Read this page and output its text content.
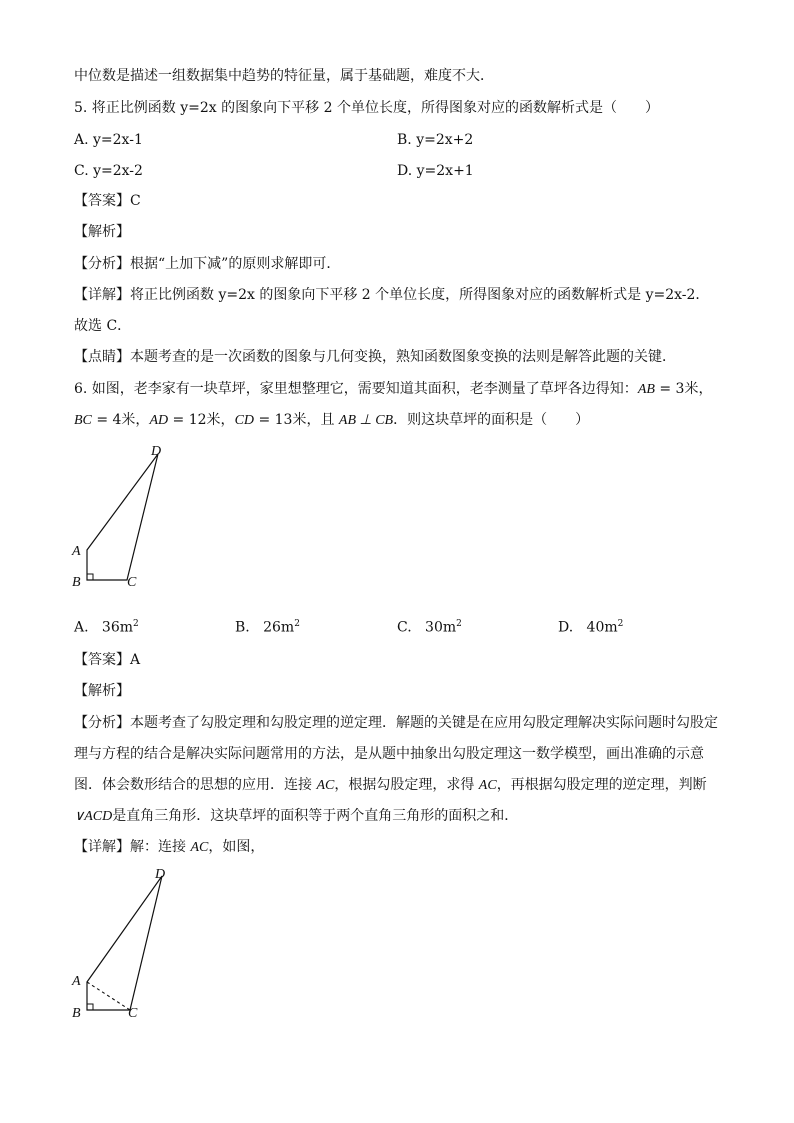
中位数是描述一组数据集中趋势的特征量，属于基础题，难度不大．
5. 将正比例函数 y=2x 的图象向下平移 2 个单位长度，所得图象对应的函数解析式是（　　）
A. y=2x-1	B. y=2x+2
C. y=2x-2	D. y=2x+1
【答案】C
【解析】
【分析】根据“上加下减”的原则求解即可．
【详解】将正比例函数 y=2x 的图象向下平移 2 个单位长度，所得图象对应的函数解析式是 y=2x-2．
故选 C．
【点睛】本题考查的是一次函数的图象与几何变换，熟知函数图象变换的法则是解答此题的关键．
6. 如图，老李家有一块草坪，家里想整理它，需要知道其面积，老李测量了草坪各边得知：AB = 3米，
BC = 4米，AD = 12米，CD = 13米，且 AB ⊥ CB．则这块草坪的面积是（　　）
D
A
B	C
A. $36m^2$	B. $26m^2$	C. $30m^2$	D. $40m^2$
【答案】A
【解析】
【分析】本题考查了勾股定理和勾股定理的逆定理．解题的关键是在应用勾股定理解决实际问题时勾股定
理与方程的结合是解决实际问题常用的方法，是从题中抽象出勾股定理这一数学模型，画出准确的示意
图．体会数形结合的思想的应用．连接 AC，根据勾股定理，求得 AC，再根据勾股定理的逆定理，判断
∨ACD是直角三角形．这块草坪的面积等于两个直角三角形的面积之和．
【详解】解：连接 AC，如图，
D
A
B	C
